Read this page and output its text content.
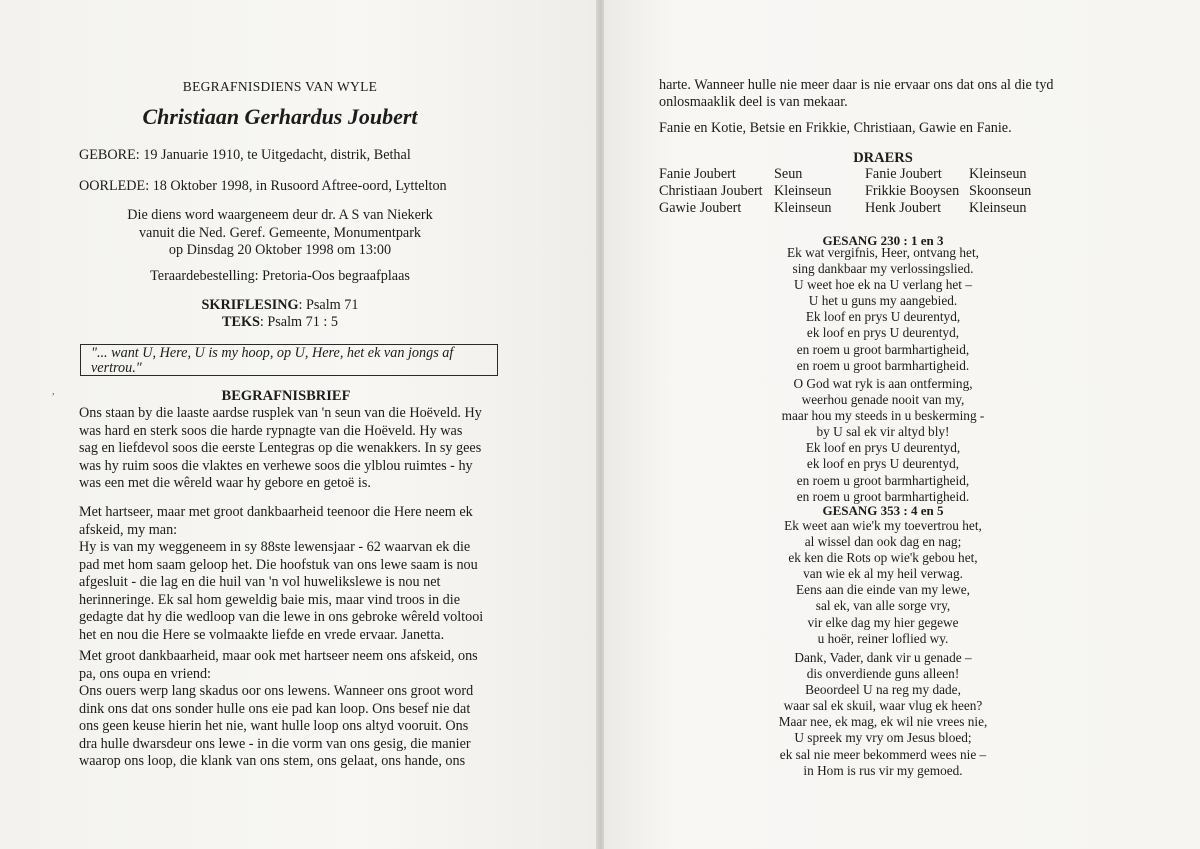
BEGRAFNISDIENS VAN WYLE

Christiaan Gerhardus Joubert

GEBORE: 19 Januarie 1910, te Uitgedacht, distrik, Bethal

OORLEDE: 18 Oktober 1998, in Rusoord Aftree-oord, Lyttelton

Die diens word waargeneem deur dr. A S van Niekerk
vanuit die Ned. Geref. Gemeente, Monumentpark
op Dinsdag 20 Oktober 1998 om 13:00

Teraardebestelling: Pretoria-Oos begraafplaas

SKRIFLESING: Psalm 71

TEKS: Psalm 71 : 5

"... want U, Here, U is my hoop, op U, Here, het ek van jongs af
vertrou."
,	BEGRAFNISBRIEF

Ons staan by die laaste aardse rusplek van 'n seun van die Hoëveld. Hy
was hard en sterk soos die harde rypnagte van die Hoëveld. Hy was
sag en liefdevol soos die eerste Lentegras op die wenakkers. In sy gees
was hy ruim soos die vlaktes en verhewe soos die ylblou ruimtes - hy
was een met die wêreld waar hy gebore en getoë is.

Met hartseer, maar met groot dankbaarheid teenoor die Here neem ek
afskeid, my man:
Hy is van my weggeneem in sy 88ste lewensjaar - 62 waarvan ek die
pad met hom saam geloop het. Die hoofstuk van ons lewe saam is nou
afgesluit - die lag en die huil van 'n vol huwelikslewe is nou net
herinneringe. Ek sal hom geweldig baie mis, maar vind troos in die
gedagte dat hy die wedloop van die lewe in ons gebroke wêreld voltooi
het en nou die Here se volmaakte liefde en vrede ervaar. Janetta.

Met groot dankbaarheid, maar ook met hartseer neem ons afskeid, ons
pa, ons oupa en vriend:
Ons ouers werp lang skadus oor ons lewens. Wanneer ons groot word
dink ons dat ons sonder hulle ons eie pad kan loop. Ons besef nie dat
ons geen keuse hierin het nie, want hulle loop ons altyd vooruit. Ons
dra hulle dwarsdeur ons lewe - in die vorm van ons gesig, die manier
waarop ons loop, die klank van ons stem, ons gelaat, ons hande, ons

harte. Wanneer hulle nie meer daar is nie ervaar ons dat ons al die tyd
onlosmaaklik deel is van mekaar.

Fanie en Kotie, Betsie en Frikkie, Christiaan, Gawie en Fanie.

DRAERS

Fanie Joubert	Seun	Fanie Joubert	Kleinseun
Christiaan Joubert	Kleinseun	Frikkie Booysen	Skoonseun
Gawie Joubert	Kleinseun	Henk Joubert	Kleinseun

GESANG 230 : 1 en 3

Ek wat vergifnis, Heer, ontvang het,
sing dankbaar my verlossingslied.
U weet hoe ek na U verlang het –
U het u guns my aangebied.
Ek loof en prys U deurentyd,
ek loof en prys U deurentyd,
en roem u groot barmhartigheid,
en roem u groot barmhartigheid.

O God wat ryk is aan ontferming,
weerhou genade nooit van my,
maar hou my steeds in u beskerming -
by U sal ek vir altyd bly!
Ek loof en prys U deurentyd,
ek loof en prys U deurentyd,
en roem u groot barmhartigheid,
en roem u groot barmhartigheid.

GESANG 353 : 4 en 5

Ek weet aan wie'k my toevertrou het,
al wissel dan ook dag en nag;
ek ken die Rots op wie'k gebou het,
van wie ek al my heil verwag.
Eens aan die einde van my lewe,
sal ek, van alle sorge vry,
vir elke dag my hier gegewe
u hoër, reiner loflied wy.

Dank, Vader, dank vir u genade –
dis onverdiende guns alleen!
Beoordeel U na reg my dade,
waar sal ek skuil, waar vlug ek heen?
Maar nee, ek mag, ek wil nie vrees nie,
U spreek my vry om Jesus bloed;
ek sal nie meer bekommerd wees nie –
in Hom is rus vir my gemoed.
